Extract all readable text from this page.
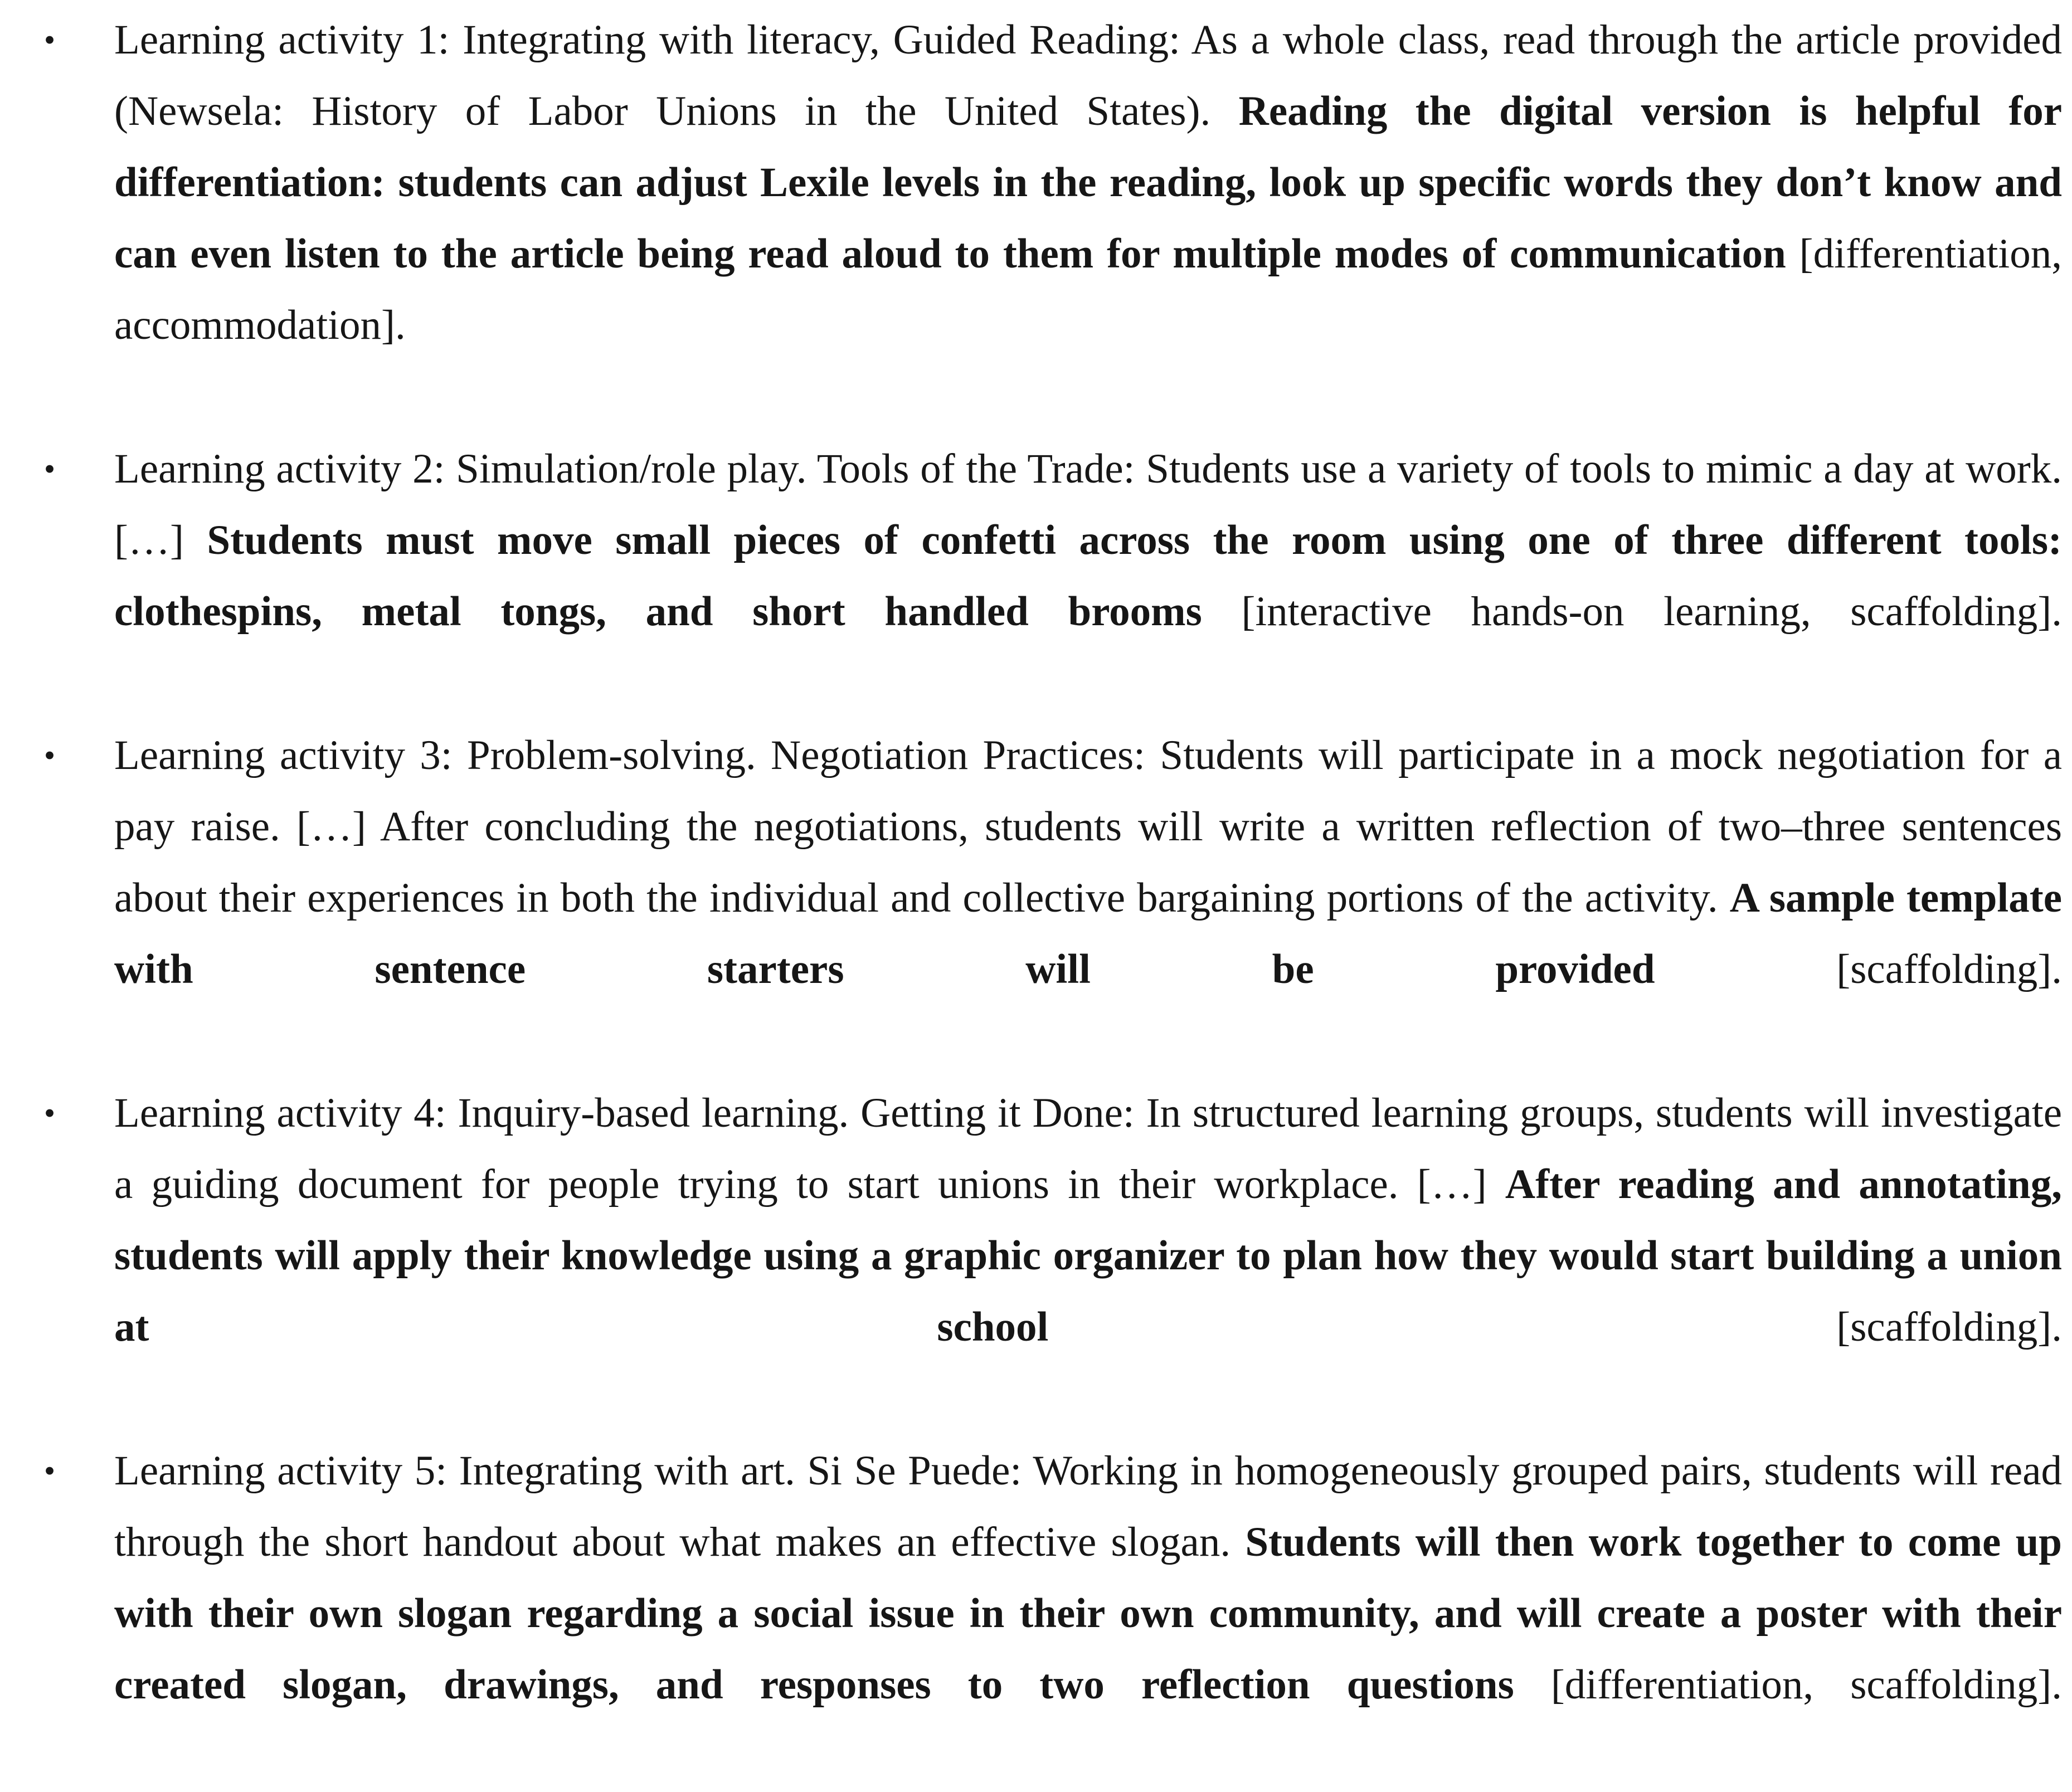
• Learning activity 1: Integrating with literacy, Guided Reading: As a whole class, read through the article provided (Newsela: History of Labor Unions in the United States). Reading the digital version is helpful for differentiation: students can adjust Lexile levels in the reading, look up specific words they don’t know and can even listen to the article being read aloud to them for multiple modes of communication [differentiation, accommodation].
• Learning activity 2: Simulation/role play. Tools of the Trade: Students use a variety of tools to mimic a day at work. […] Students must move small pieces of confetti across the room using one of three different tools: clothespins, metal tongs, and short handled brooms [interactive hands-on learning, scaffolding].
• Learning activity 3: Problem-solving. Negotiation Practices: Students will participate in a mock negotiation for a pay raise. […] After concluding the negotiations, students will write a written reflection of two–three sentences about their experiences in both the individual and collective bargaining portions of the activity. A sample template with sentence starters will be provided [scaffolding].
• Learning activity 4: Inquiry-based learning. Getting it Done: In structured learning groups, students will investigate a guiding document for people trying to start unions in their workplace. […] After reading and annotating, students will apply their knowledge using a graphic organizer to plan how they would start building a union at school [scaffolding].
• Learning activity 5: Integrating with art. Si Se Puede: Working in homogeneously grouped pairs, students will read through the short handout about what makes an effective slogan. Students will then work together to come up with their own slogan regarding a social issue in their own community, and will create a poster with their created slogan, drawings, and responses to two reflection questions [differentiation, scaffolding].
